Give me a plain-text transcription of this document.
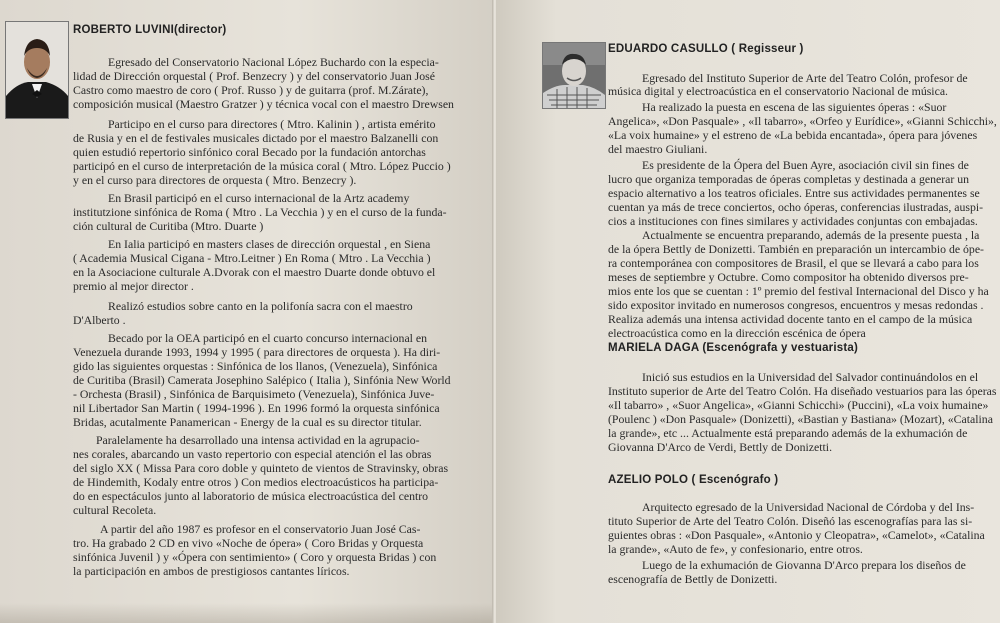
ROBERTO LUVINI(director)
Egresado del Conservatorio Nacional López Buchardo con la especia-
lidad de Dirección orquestal ( Prof. Benzecry ) y del conservatorio Juan José
Castro como maestro de coro ( Prof. Russo ) y de guitarra (prof. M.Zárate),
composición musical (Maestro Gratzer ) y técnica vocal con el maestro Drewsen
Participo en el curso para directores ( Mtro. Kalinin ) , artista emérito
de Rusia y en el de festivales musicales dictado por el maestro Balzanelli con
quien estudió repertorio sinfónico coral Becado por la fundación antorchas
participó en el curso de interpretación de la música coral ( Mtro. López Puccio )
y en el curso para directores de orquesta ( Mtro. Benzecry ).
En Brasil participó en el curso internacional de la Artz academy
institutzione sinfónica de Roma ( Mtro . La Vecchia ) y en el curso de la funda-
ción cultural de Curitiba (Mtro. Duarte )
En Ialia participó en masters clases de dirección orquestal , en Siena
( Academia Musical Cigana - Mtro.Leitner ) En Roma ( Mtro . La Vecchia )
en la Asociacione culturale A.Dvorak con el maestro Duarte donde obtuvo el
premio al mejor director .
Realizó estudios sobre canto en la polifonía sacra con el maestro
D'Alberto .
Becado por la OEA participó en el cuarto concurso internacional en
Venezuela durande 1993, 1994 y 1995 ( para directores de orquesta ). Ha diri-
gido las siguientes orquestas : Sinfónica de los llanos, (Venezuela), Sinfónica
de Curitiba (Brasil) Camerata Josephino Salépico ( Italia ), Sinfónia New World
- Orchesta (Brasil) , Sinfónica de Barquisimeto (Venezuela), Sinfónica Juve-
nil Libertador San Martin ( 1994-1996 ). En 1996 formó la orquesta sinfónica
Bridas, acutalmente Panamerican - Energy de la cual es su director titular.
Paralelamente ha desarrollado una intensa actividad en la agrupacio-
nes corales, abarcando un vasto repertorio con especial atención el las obras
del siglo XX ( Missa Para coro doble y quinteto de vientos de Stravinsky, obras
de Hindemith, Kodaly entre otros ) Con medios electroacústicos ha participa-
do en espectáculos junto al laboratorio de música electroacústica del centro
cultural Recoleta.
A partir del año 1987 es profesor en el conservatorio Juan José Cas-
tro. Ha grabado 2 CD en vivo «Noche de ópera» ( Coro Bridas y Orquesta
sinfónica Juvenil ) y «Ópera con sentimiento» ( Coro y orquesta Bridas ) con
la participación en ambos de prestigiosos cantantes líricos.
EDUARDO CASULLO ( Regisseur )
Egresado del Instituto Superior de Arte del Teatro Colón, profesor de
música digital y electroacústica en el conservatorio Nacional de música.
Ha realizado la puesta en escena de las siguientes óperas : «Suor
Angelica», «Don Pasquale» , «Il tabarro», «Orfeo y Eurídice», «Gianni Schicchi»,
«La voix humaine» y el estreno de «La bebida encantada», ópera para jóvenes
del maestro Giuliani.
Es presidente de la Ópera del Buen Ayre, asociación civil sin fines de
lucro que organiza temporadas de óperas completas y destinada a generar un
espacio alternativo a los teatros oficiales. Entre sus actividades permanentes se
cuentan ya más de trece conciertos, ocho óperas, conferencias ilustradas, auspi-
cios a instituciones con fines similares y actividades conjuntas con embajadas.
Actualmente se encuentra preparando, además de la presente puesta , la
de la ópera Bettly de Donizetti. También en preparación un intercambio de ópe-
ra contemporánea con compositores de Brasil, el que se llevará a cabo para los
meses de septiembre y Octubre. Como compositor ha obtenido diversos pre-
mios ente los que se cuentan : 1º premio del festival Internacional del Disco y ha
sido expositor invitado en numerosos congresos, encuentros y mesas redondas .
Realiza además una intensa actividad docente tanto en el campo de la música
electroacústica como en la dirección escénica de ópera
MARIELA DAGA (Escenógrafa y vestuarista)
Inició sus estudios en la Universidad del Salvador continuándolos en el
Instituto superior de Arte del Teatro Colón. Ha diseñado vestuarios para las óperas
«Il tabarro» , «Suor Angelica», «Gianni Schicchi» (Puccini), «La voix humaine»
(Poulenc ) «Don Pasquale» (Donizetti), «Bastian y Bastiana» (Mozart), «Catalina
la grande», etc ... Actualmente está preparando además de la exhumación de
Giovanna D'Arco de Verdi, Bettly de Donizetti.
AZELIO POLO ( Escenógrafo )
Arquitecto egresado de la Universidad Nacional de Córdoba y del Ins-
tituto Superior de Arte del Teatro Colón. Diseñó las escenografías para las si-
guientes obras : «Don Pasquale», «Antonio y Cleopatra», «Camelot», «Catalina
la grande», «Auto de fe», y confesionario, entre otros.
Luego de la exhumación de Giovanna D'Arco prepara los diseños de
escenografía de Bettly de Donizetti.
